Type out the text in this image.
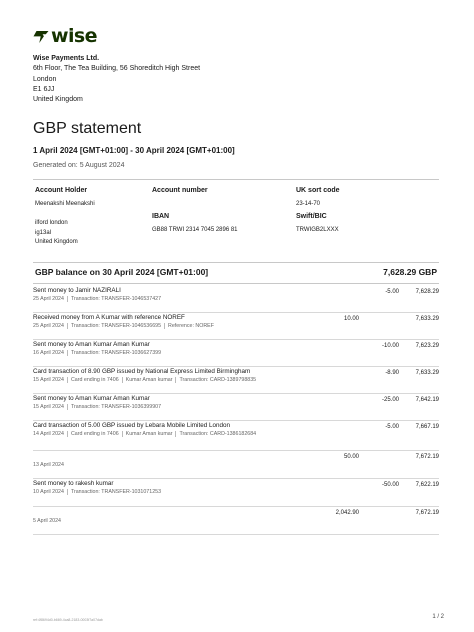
wise
Wise Payments Ltd.
6th Floor, The Tea Building, 56 Shoreditch High Street
London
E1 6JJ
United Kingdom
GBP statement
1 April 2024 [GMT+01:00] - 30 April 2024 [GMT+01:00]
Generated on: 5 August 2024
Account Holder
Meenakshi Meenakshi
ilford london
ig13al
United Kingdom
Account number
IBAN
GB88 TRWI 2314 7045 2896 81
UK sort code
23-14-70
Swift/BIC
TRWIGB2LXXX
GBP balance on 30 April 2024 [GMT+01:00]	7,628.29 GBP
Sent money to Jamir NAZIRALI
25 April 2024 Transaction: TRANSFER-1046537427
-5.00	7,628.29
Received money from A Kumar with reference NOREF
25 April 2024 Transaction: TRANSFER-1046536695 Reference: NOREF
10.00	7,633.29
Sent money to Aman Kumar Aman Kumar
16 April 2024 Transaction: TRANSFER-1036627399
-10.00	7,623.29
Card transaction of 8.90 GBP issued by National Express Limited Birmingham
15 April 2024 Card ending in 7406 Kumar Aman kumar Transaction: CARD-1389798835
-8.90	7,633.29
Sent money to Aman Kumar Aman Kumar
15 April 2024 Transaction: TRANSFER-1036399907
-25.00	7,642.19
Card transaction of 5.00 GBP issued by Lebara Mobile Limited London
14 April 2024 Card ending in 7406 Kumar Aman kumar Transaction: CARD-1386182684
-5.00	7,667.19
13 April 2024
50.00	7,672.19
Sent money to rakesh kumar
10 April 2024 Transaction: TRANSFER-1031071253
-50.00	7,622.19
5 April 2024
2,042.90	7,672.19
ref:4f8694d0-b669-4ca8-2183-0003f7a07dab	1 / 2
